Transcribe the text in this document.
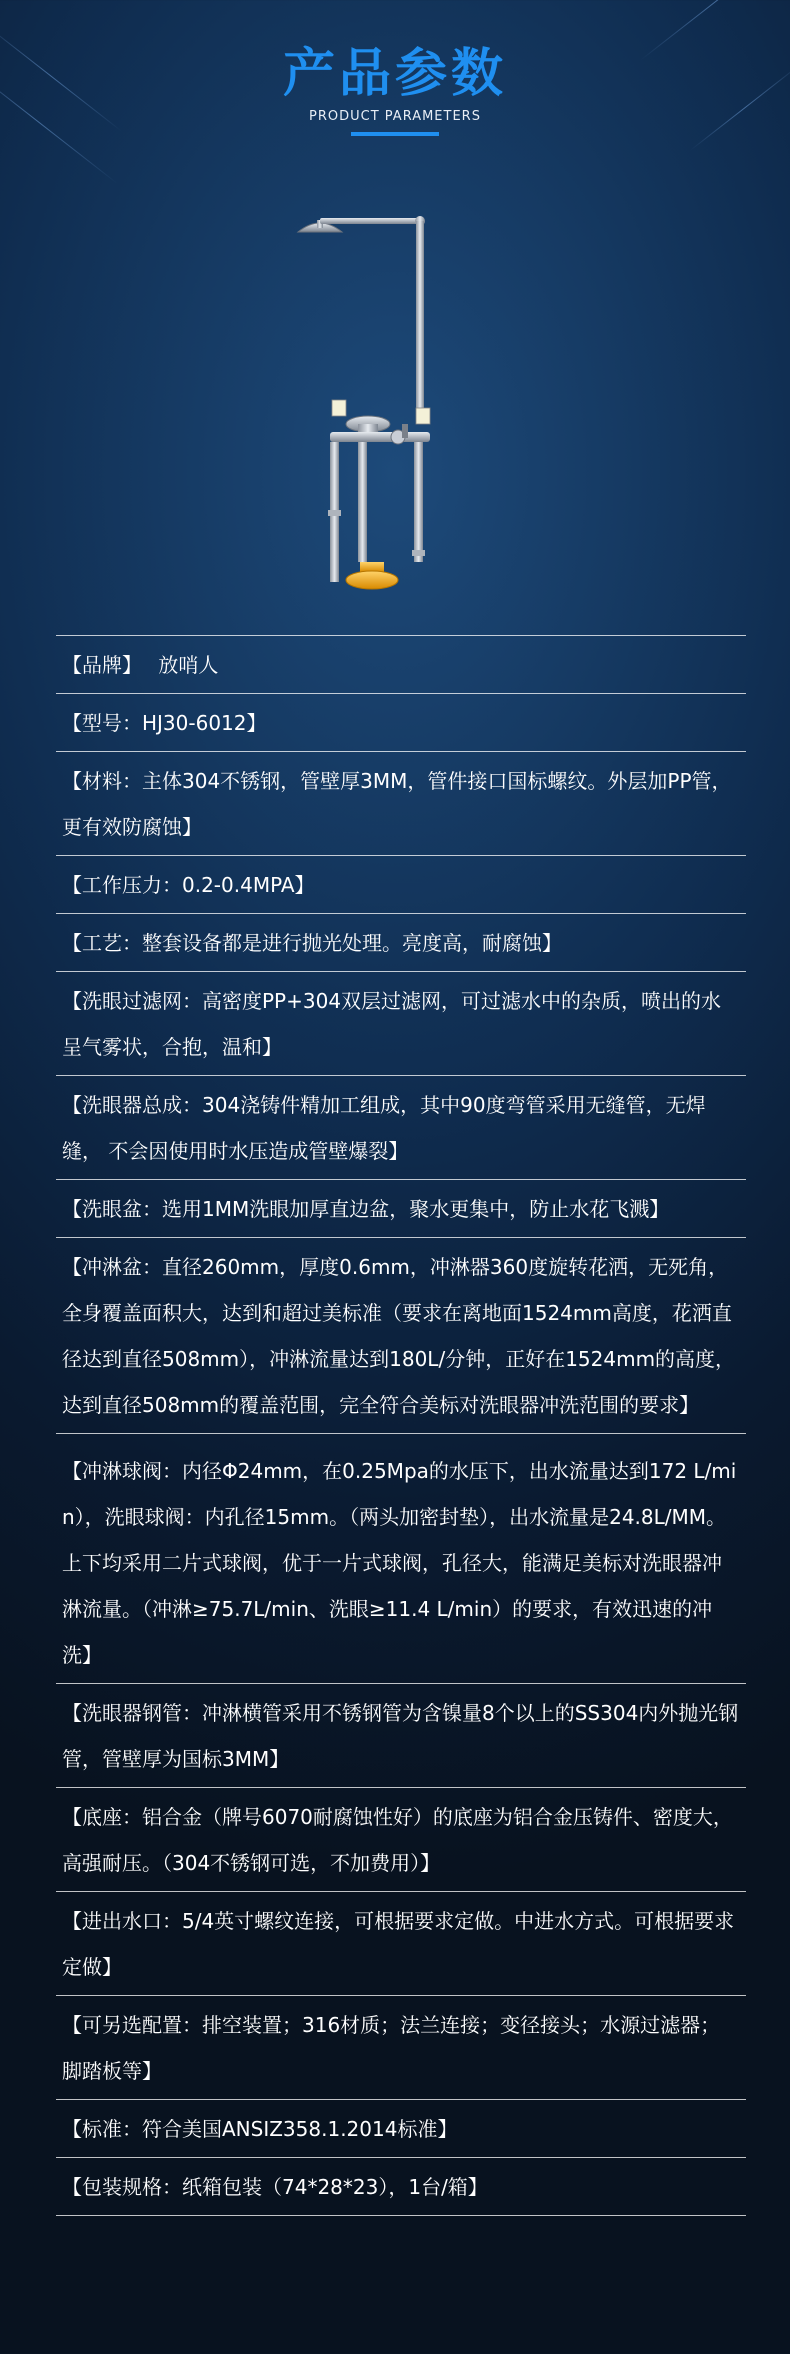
产品参数
PRODUCT PARAMETERS
【品牌】　 放哨人
【型号：HJ30-6012】
【材料：主体304不锈钢，管壁厚3MM，管件接口国标螺纹。外层加PP管，更有效防腐蚀】
【工作压力：0.2-0.4MPA】
【工艺：整套设备都是进行抛光处理。亮度高，耐腐蚀】
【洗眼过滤网：高密度PP+304双层过滤网，可过滤水中的杂质，喷出的水呈气雾状，合抱，温和】
【洗眼器总成：304浇铸件精加工组成，其中90度弯管采用无缝管，无焊缝， 不会因使用时水压造成管壁爆裂】
【洗眼盆：选用1MM洗眼加厚直边盆，聚水更集中，防止水花飞溅】
【冲淋盆：直径260mm，厚度0.6mm，冲淋器360度旋转花洒，无死角，全身覆盖面积大，达到和超过美标准（要求在离地面1524mm高度，花洒直径达到直径508mm），冲淋流量达到180L/分钟，正好在1524mm的高度，达到直径508mm的覆盖范围，完全符合美标对洗眼器冲洗范围的要求】
【冲淋球阀：内径Φ24mm，在0.25Mpa的水压下，出水流量达到172 L/min），洗眼球阀：内孔径15mm。（两头加密封垫），出水流量是24.8L/MM。上下均采用二片式球阀，优于一片式球阀，孔径大，能满足美标对洗眼器冲淋流量。（冲淋≥75.7L/min、洗眼≥11.4 L/min）的要求，有效迅速的冲洗】
【洗眼器钢管：冲淋横管采用不锈钢管为含镍量8个以上的SS304内外抛光钢管，管壁厚为国标3MM】
【底座：铝合金（牌号6070耐腐蚀性好）的底座为铝合金压铸件、密度大，高强耐压。（304不锈钢可选，不加费用）】
【进出水口：5/4英寸螺纹连接，可根据要求定做。中进水方式。可根据要求定做】
【可另选配置：排空装置；316材质；法兰连接；变径接头；水源过滤器；脚踏板等】
【标准：符合美国ANSIZ358.1.2014标准】
【包装规格：纸箱包装（74*28*23），1台/箱】
